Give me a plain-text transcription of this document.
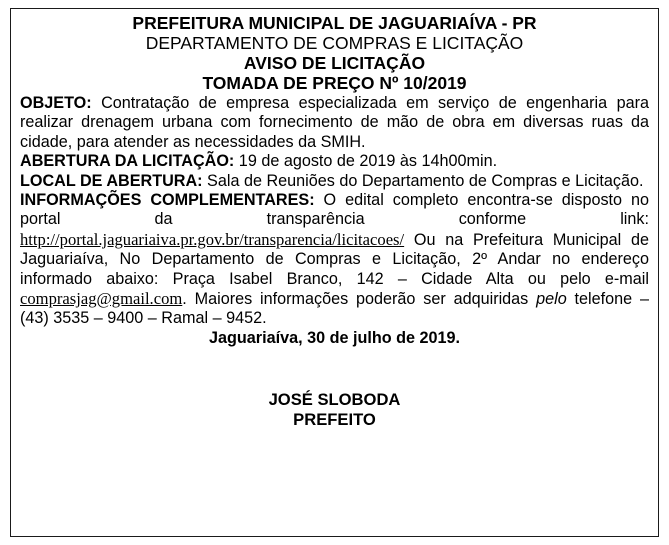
PREFEITURA MUNICIPAL DE JAGUARIAÍVA - PR
DEPARTAMENTO DE COMPRAS E LICITAÇÃO
AVISO DE LICITAÇÃO
TOMADA DE PREÇO Nº 10/2019

OBJETO: Contratação de empresa especializada em serviço de engenharia para realizar drenagem urbana com fornecimento de mão de obra em diversas ruas da cidade, para atender as necessidades da SMIH.

ABERTURA DA LICITAÇÃO: 19 de agosto de 2019 às 14h00min.

LOCAL DE ABERTURA: Sala de Reuniões do Departamento de Compras e Licitação.

INFORMAÇÕES COMPLEMENTARES: O edital completo encontra-se disposto no portal da transparência conforme link: http://portal.jaguariaiva.pr.gov.br/transparencia/licitacoes/ Ou na Prefeitura Municipal de Jaguariaíva, No Departamento de Compras e Licitação, 2º Andar no endereço informado abaixo: Praça Isabel Branco, 142 – Cidade Alta ou pelo e-mail comprasjag@gmail.com. Maiores informações poderão ser adquiridas pelo telefone – (43) 3535 – 9400 – Ramal – 9452.

Jaguariaíva, 30 de julho de 2019.
JOSÉ SLOBODA
PREFEITO
